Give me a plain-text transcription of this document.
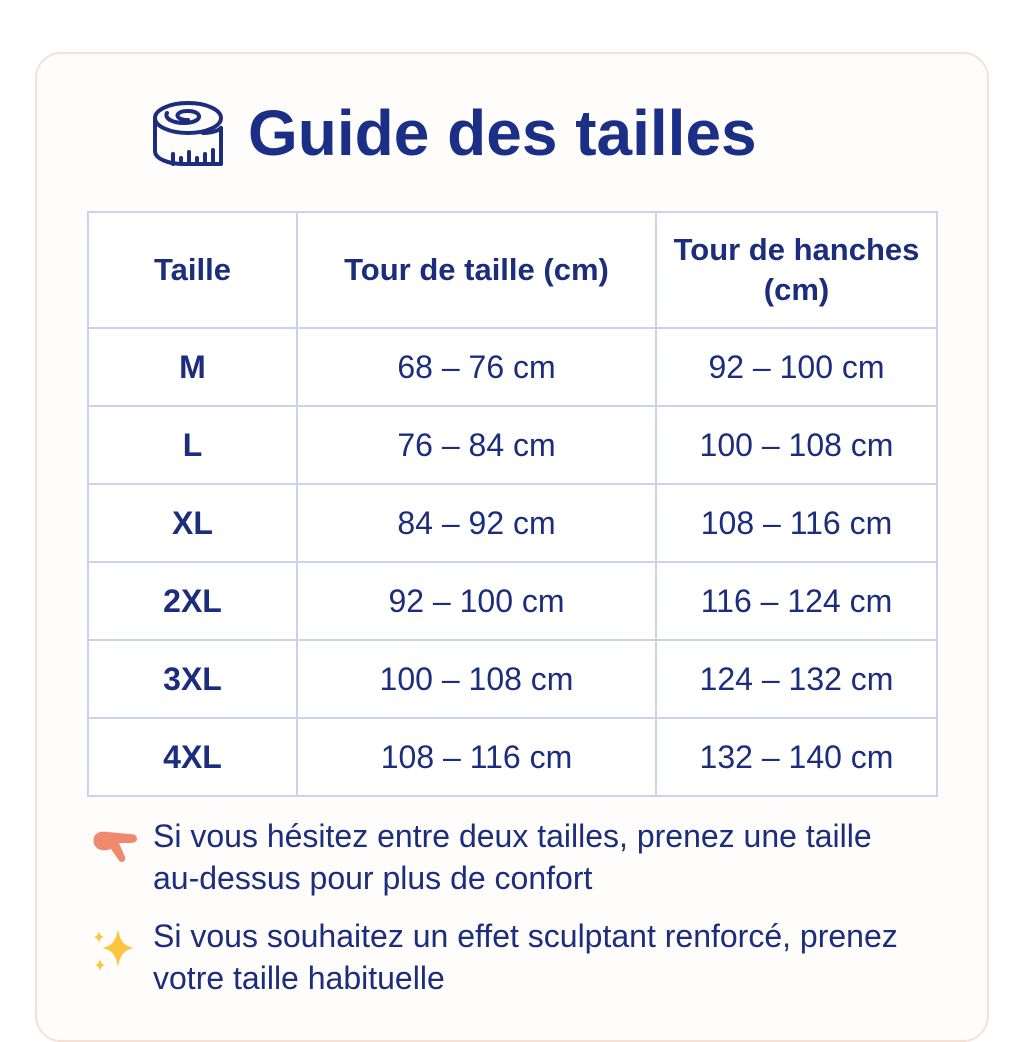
Guide des tailles
Taille	Tour de taille (cm)	Tour de hanches (cm)
M	68 – 76 cm	92 – 100 cm
L	76 – 84 cm	100 – 108 cm
XL	84 – 92 cm	108 – 116 cm
2XL	92 – 100 cm	116 – 124 cm
3XL	100 – 108 cm	124 – 132 cm
4XL	108 – 116 cm	132 – 140 cm
Si vous hésitez entre deux tailles, prenez une taille au-dessus pour plus de confort
Si vous souhaitez un effet sculptant renforcé, prenez votre taille habituelle
